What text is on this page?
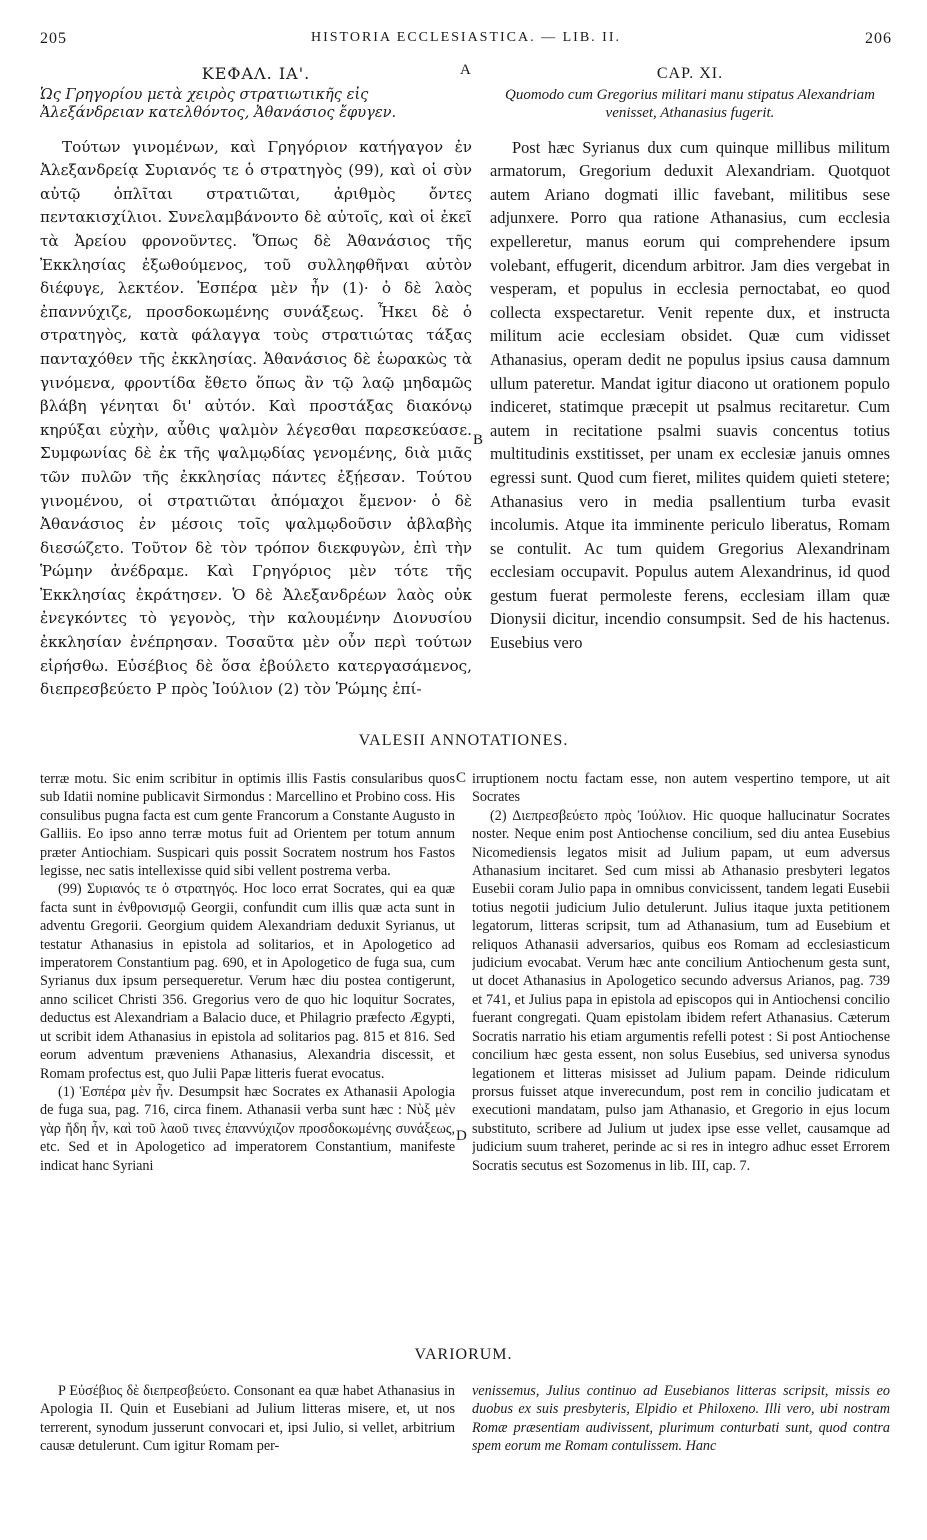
205	HISTORIA ECCLESIASTICA. — LIB. II.	206
ΚΕΦΑΛ. ΙΑ'.
Ὡς Γρηγορίου μετὰ χειρὸς στρατιωτικῆς εἰς Ἀλεξάνδρειαν κατελθόντος, Ἀθανάσιος ἔφυγεν.

Τούτων γινομένων, καὶ Γρηγόριον κατήγαγον ἐν Ἀλεξανδρείᾳ Συριανός τε ὁ στρατηγὸς (99), καὶ οἱ σὺν αὐτῷ ὁπλῖται στρατιῶται, ἀριθμὸς ὄντες πεντακισχίλιοι. Συνελαμβάνοντο δὲ αὐτοῖς, καὶ οἱ ἐκεῖ τὰ Ἀρείου φρονοῦντες. Ὅπως δὲ Ἀθανάσιος τῆς Ἐκκλησίας ἐξωθούμενος, τοῦ συλληφθῆναι αὐτὸν διέφυγε, λεκτέον. Ἑσπέρα μὲν ἦν (1)· ὁ δὲ λαὸς ἐπαννύχιζε, προσδοκωμένης συνάξεως. Ἧκει δὲ ὁ στρατηγὸς, κατὰ φάλαγγα τοὺς στρατιώτας τάξας πανταχόθεν τῆς ἐκκλησίας. Ἀθανάσιος δὲ ἑωρακὼς τὰ γινόμενα, φροντίδα ἔθετο ὅπως ἂν τῷ λαῷ μηδαμῶς βλάβη γένηται δι' αὐτόν. Καὶ προστάξας διακόνῳ κηρύξαι εὐχὴν, αὖθις ψαλμὸν λέγεσθαι παρεσκεύασε. Συμφωνίας δὲ ἐκ τῆς ψαλμῳδίας γενομένης, διὰ μιᾶς τῶν πυλῶν τῆς ἐκκλησίας πάντες ἐξῄεσαν. Τούτου γινομένου, οἱ στρατιῶται ἀπόμαχοι ἔμενον· ὁ δὲ Ἀθανάσιος ἐν μέσοις τοῖς ψαλμῳδοῦσιν ἀβλαβὴς διεσώζετο. Τοῦτον δὲ τὸν τρόπον διεκφυγὼν, ἐπὶ τὴν Ῥώμην ἀνέδραμε. Καὶ Γρηγόριος μὲν τότε τῆς Ἐκκλησίας ἐκράτησεν. Ὁ δὲ Ἀλεξανδρέων λαὸς οὐκ ἐνεγκόντες τὸ γεγονὸς, τὴν καλουμένην Διονυσίου ἐκκλησίαν ἐνέπρησαν. Τοσαῦτα μὲν οὖν περὶ τούτων εἰρήσθω. Εὐσέβιος δὲ ὅσα ἐβούλετο κατεργασάμενος, διεπρεσβεύετο P πρὸς Ἰούλιον (2) τὸν Ῥώμης ἐπί-

A
B
CAP. XI.
Quomodo cum Gregorius militari manu stipatus Alexandriam venisset, Athanasius fugerit.

Post hæc Syrianus dux cum quinque millibus militum armatorum, Gregorium deduxit Alexandriam. Quotquot autem Ariano dogmati illic favebant, militibus sese adjunxere. Porro qua ratione Athanasius, cum ecclesia expelleretur, manus eorum qui comprehendere ipsum volebant, effugerit, dicendum arbitror. Jam dies vergebat in vesperam, et populus in ecclesia pernoctabat, eo quod collecta exspectaretur. Venit repente dux, et instructa militum acie ecclesiam obsidet. Quæ cum vidisset Athanasius, operam dedit ne populus ipsius causa damnum ullum pateretur. Mandat igitur diacono ut orationem populo indiceret, statimque præcepit ut psalmus recitaretur. Cum autem in recitatione psalmi suavis concentus totius multitudinis exstitisset, per unam ex ecclesiæ januis omnes egressi sunt. Quod cum fieret, milites quidem quieti stetere; Athanasius vero in media psallentium turba evasit incolumis. Atque ita imminente periculo liberatus, Romam se contulit. Ac tum quidem Gregorius Alexandrinam ecclesiam occupavit. Populus autem Alexandrinus, id quod gestum fuerat permoleste ferens, ecclesiam illam quæ Dionysii dicitur, incendio consumpsit. Sed de his hactenus. Eusebius vero

VALESII ANNOTATIONES.
C
D

terræ motu. Sic enim scribitur in optimis illis Fastis consularibus quos sub Idatii nomine publicavit Sirmondus : Marcellino et Probino coss. His consulibus pugna facta est cum gente Francorum a Constante Augusto in Galliis. Eo ipso anno terræ motus fuit ad Orientem per totum annum præter Antiochiam. Suspicari quis possit Socratem nostrum hos Fastos legisse, nec satis intellexisse quid sibi vellent postrema verba.

(99) Συριανός τε ὁ στρατηγός. Hoc loco errat Socrates, qui ea quæ facta sunt in ἐνθρονισμῷ Georgii, confundit cum illis quæ acta sunt in adventu Gregorii. Georgium quidem Alexandriam deduxit Syrianus, ut testatur Athanasius in epistola ad solitarios, et in Apologetico ad imperatorem Constantium pag. 690, et in Apologetico de fuga sua, cum Syrianus dux ipsum persequeretur. Verum hæc diu postea contigerunt, anno scilicet Christi 356. Gregorius vero de quo hic loquitur Socrates, deductus est Alexandriam a Balacio duce, et Philagrio præfecto Ægypti, ut scribit idem Athanasius in epistola ad solitarios pag. 815 et 816. Sed eorum adventum præveniens Athanasius, Alexandria discessit, et Romam profectus est, quo Julii Papæ litteris fuerat evocatus.

(1) Ἑσπέρα μὲν ἦν. Desumpsit hæc Socrates ex Athanasii Apologia de fuga sua, pag. 716, circa finem. Athanasii verba sunt hæc : Νὺξ μὲν γὰρ ἤδη ἦν, καὶ τοῦ λαοῦ τινες ἐπαννύχιζον προσδοκωμένης συνάξεως, etc. Sed et in Apologetico ad imperatorem Constantium, manifeste indicat hanc Syriani

irruptionem noctu factam esse, non autem vespertino tempore, ut ait Socrates

(2) Διεπρεσβεύετο πρὸς Ἰούλιον. Hic quoque hallucinatur Socrates noster. Neque enim post Antiochense concilium, sed diu antea Eusebius Nicomediensis legatos misit ad Julium papam, ut eum adversus Athanasium incitaret. Sed cum missi ab Athanasio presbyteri legatos Eusebii coram Julio papa in omnibus convicissent, tandem legati Eusebii totius negotii judicium Julio detulerunt. Julius itaque juxta petitionem legatorum, litteras scripsit, tum ad Athanasium, tum ad Eusebium et reliquos Athanasii adversarios, quibus eos Romam ad ecclesiasticum judicium evocabat. Verum hæc ante concilium Antiochenum gesta sunt, ut docet Athanasius in Apologetico secundo adversus Arianos, pag. 739 et 741, et Julius papa in epistola ad episcopos qui in Antiochensi concilio fuerant congregati. Quam epistolam ibidem refert Athanasius. Cæterum Socratis narratio his etiam argumentis refelli potest : Si post Antiochense concilium hæc gesta essent, non solus Eusebius, sed universa synodus legationem et litteras misisset ad Julium papam. Deinde ridiculum prorsus fuisset atque inverecundum, post rem in concilio judicatam et executioni mandatam, pulso jam Athanasio, et Gregorio in ejus locum substituto, scribere ad Julium ut judex ipse esse vellet, causamque ad judicium suum traheret, perinde ac si res in integro adhuc esset Errorem Socratis secutus est Sozomenus in lib. III, cap. 7.

VARIORUM.

P Εὐσέβιος δὲ διεπρεσβεύετο. Consonant ea quæ habet Athanasius in Apologia II. Quin et Eusebiani ad Julium litteras misere, et, ut nos terrerent, synodum jusserunt convocari et, ipsi Julio, si vellet, arbitrium causæ detulerunt. Cum igitur Romam per-

venissemus, Julius continuo ad Eusebianos litteras scripsit, missis eo duobus ex suis presbyteris, Elpidio et Philoxeno. Illi vero, ubi nostram Romæ præsentiam audivissent, plurimum conturbati sunt, quod contra spem eorum me Romam contulissem. Hanc
